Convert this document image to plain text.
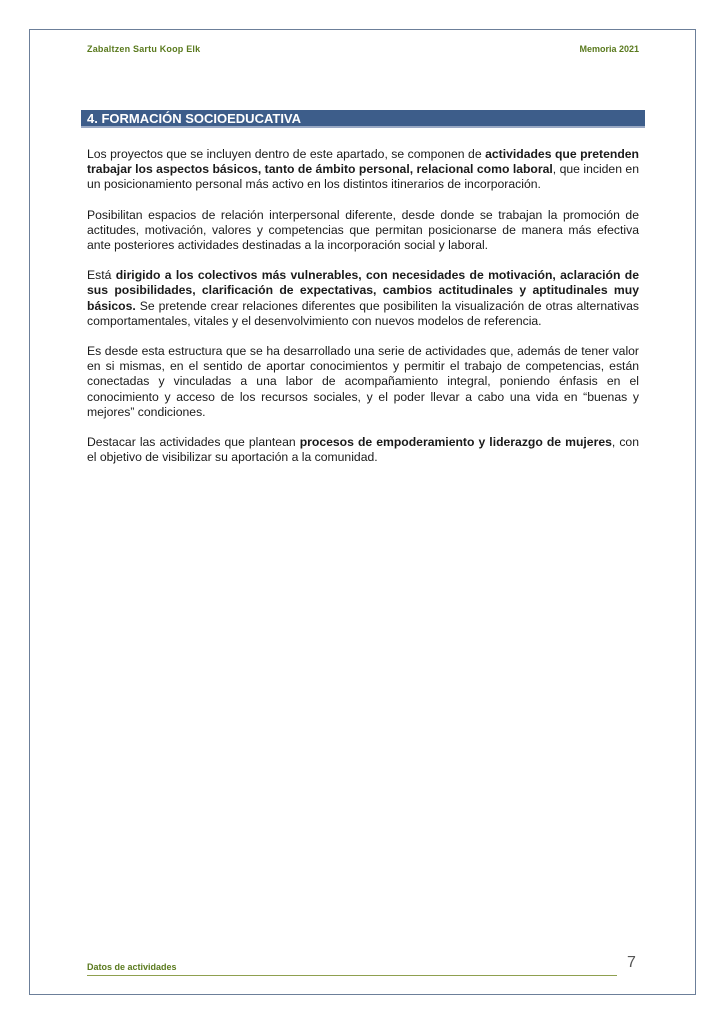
Zabaltzen Sartu Koop Elk	Memoria 2021
4. FORMACIÓN SOCIOEDUCATIVA

Los proyectos que se incluyen dentro de este apartado, se componen de actividades que pretenden trabajar los aspectos básicos, tanto de ámbito personal, relacional como laboral, que inciden en un posicionamiento personal más activo en los distintos itinerarios de incorporación.

Posibilitan espacios de relación interpersonal diferente, desde donde se trabajan la promoción de actitudes, motivación, valores y competencias que permitan posicionarse de manera más efectiva ante posteriores actividades destinadas a la incorporación social y laboral.

Está dirigido a los colectivos más vulnerables, con necesidades de motivación, aclaración de sus posibilidades, clarificación de expectativas, cambios actitudinales y aptitudinales muy básicos. Se pretende crear relaciones diferentes que posibiliten la visualización de otras alternativas comportamentales, vitales y el desenvolvimiento con nuevos modelos de referencia.

Es desde esta estructura que se ha desarrollado una serie de actividades que, además de tener valor en si mismas, en el sentido de aportar conocimientos y permitir el trabajo de competencias, están conectadas y vinculadas a una labor de acompañamiento integral, poniendo énfasis en el conocimiento y acceso de los recursos sociales, y el poder llevar a cabo una vida en “buenas y mejores” condiciones.

Destacar las actividades que plantean procesos de empoderamiento y liderazgo de mujeres, con el objetivo de visibilizar su aportación a la comunidad.

Datos de actividades	7
